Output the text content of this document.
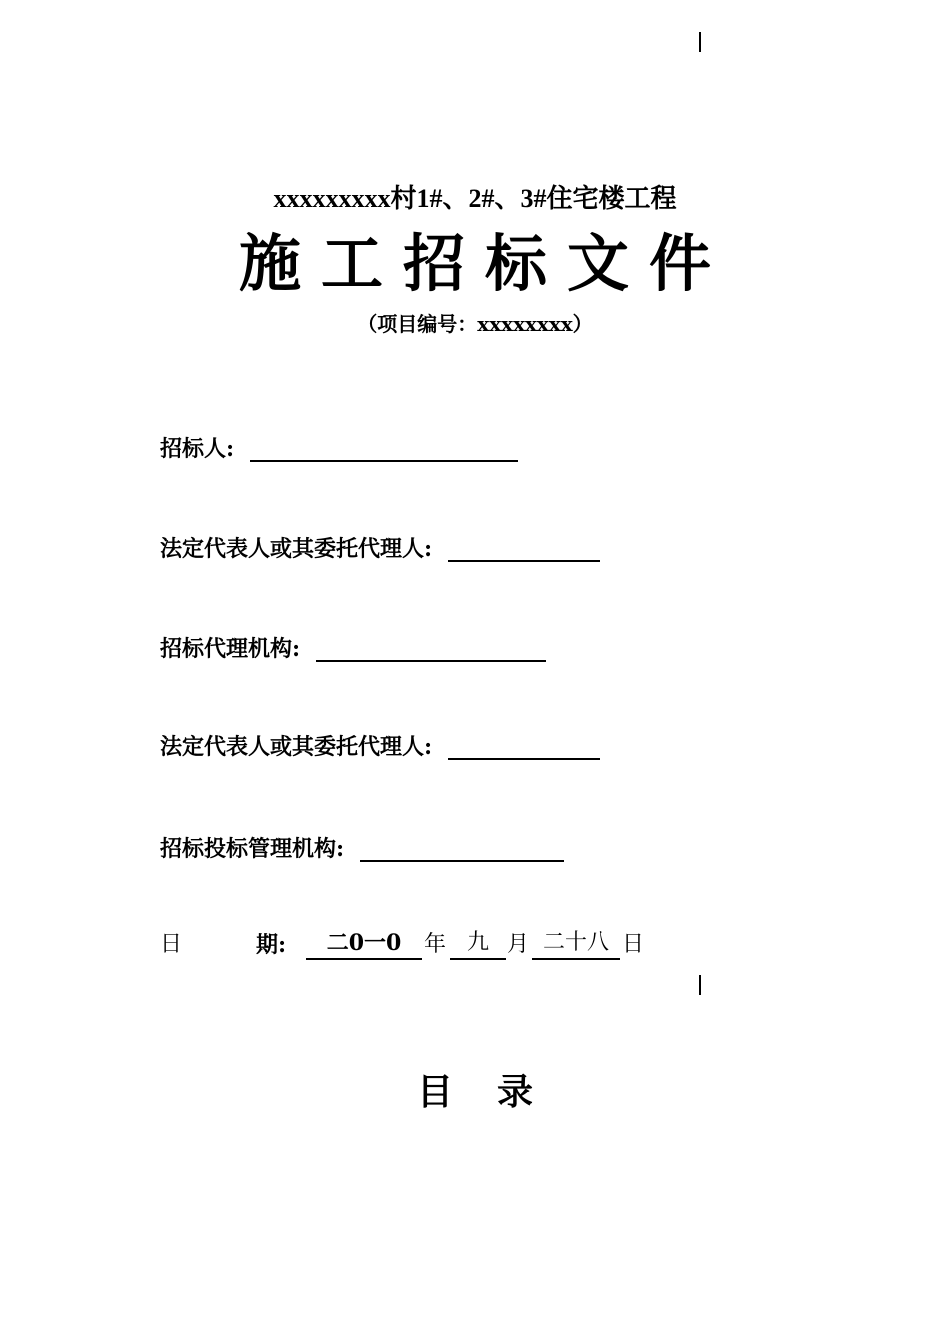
xxxxxxxxx村1#、2#、3#住宅楼工程
施工招标文件
（项目编号：xxxxxxxx）
招标人:
法定代表人或其委托代理人:
招标代理机构:
法定代表人或其委托代理人:
招标投标管理机构:
日	期:	二0一0	年 九 月 二十八 日
目录
